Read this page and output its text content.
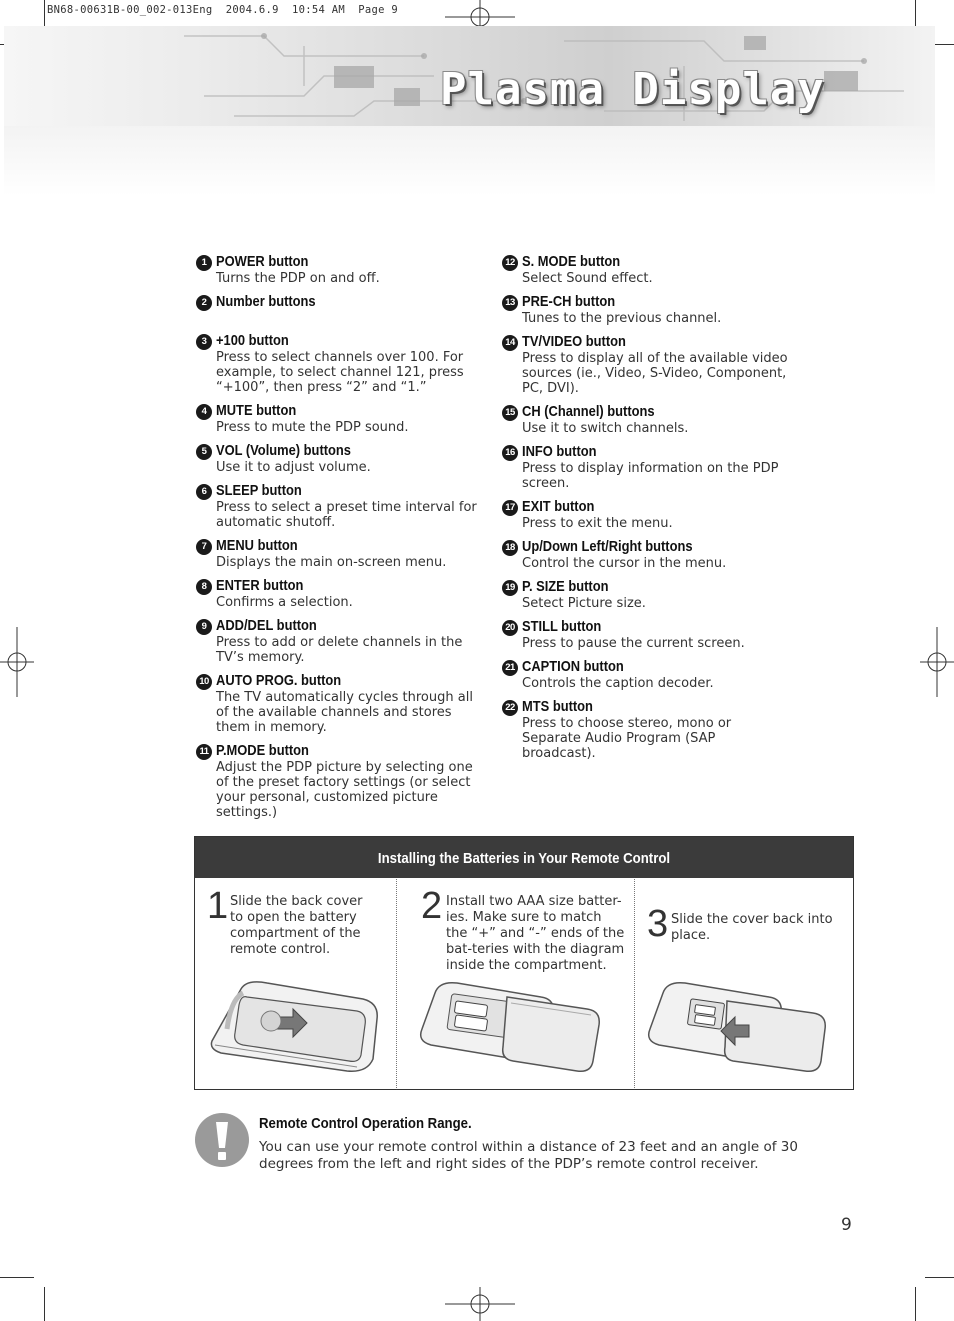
BN68-00631B-00_002-013Eng  2004.6.9  10:54 AM  Page 9
Plasma Display
1 POWER button
Turns the PDP on and off.
2 Number buttons
3 +100 button
Press to select channels over 100. For example, to select channel 121, press “+100”, then press “2” and “1.”
4 MUTE button
Press to mute the PDP sound.
5 VOL (Volume) buttons
Use it to adjust volume.
6 SLEEP button
Press to select a preset time interval for automatic shutoff.
7 MENU button
Displays the main on-screen menu.
8 ENTER button
Confirms a selection.
9 ADD/DEL button
Press to add or delete channels in the TV’s memory.
10 AUTO PROG. button
The TV automatically cycles through all of the available channels and stores them in memory.
11 P.MODE button
Adjust the PDP picture by selecting one of the preset factory settings (or select your personal, customized picture settings.)
12 S. MODE button
Select Sound effect.
13 PRE-CH button
Tunes to the previous channel.
14 TV/VIDEO button
Press to display all of the available video sources (ie., Video, S-Video, Component, PC, DVI).
15 CH (Channel) buttons
Use it to switch channels.
16 INFO button
Press to display information on the PDP screen.
17 EXIT button
Press to exit the menu.
18 Up/Down Left/Right buttons
Control the cursor in the menu.
19 P. SIZE button
Setect Picture size.
20 STILL button
Press to pause the current screen.
21 CAPTION button
Controls the caption decoder.
22 MTS button
Press to choose stereo, mono or Separate Audio Program (SAP broadcast).
Installing the Batteries in Your Remote Control
1 Slide the back cover to open the battery compartment of the remote control.
2 Install two AAA size batter-ies. Make sure to match the “+” and “-” ends of the bat-teries with the diagram inside the compartment.
3 Slide the cover back into place.
Remote Control Operation Range.
You can use your remote control within a distance of 23 feet and an angle of 30 degrees from the left and right sides of the PDP’s remote control receiver.
9
